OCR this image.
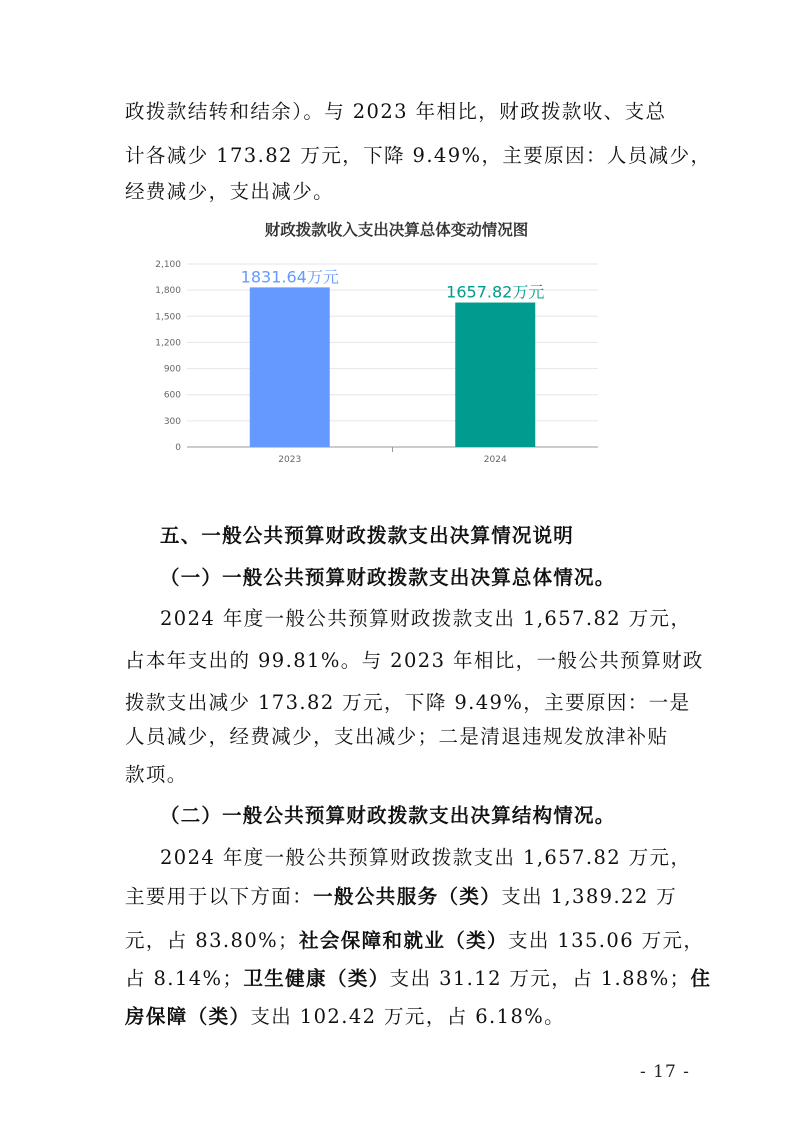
政拨款结转和结余）。与 2023 年相比，财政拨款收、支总
计各减少 173.82 万元，下降 9.49%，主要原因：人员减少，
经费减少，支出减少。
财政拨款收入支出决算总体变动情况图
0
300
600
900
1,200
1,500
1,800
2,100
2023	2024
1831.64万元
1657.82万元
五、一般公共预算财政拨款支出决算情况说明
（一）一般公共预算财政拨款支出决算总体情况。
2024 年度一般公共预算财政拨款支出 1,657.82 万元，
占本年支出的 99.81%。与 2023 年相比，一般公共预算财政
拨款支出减少 173.82 万元，下降 9.49%，主要原因：一是
人员减少，经费减少，支出减少；二是清退违规发放津补贴
款项。
（二）一般公共预算财政拨款支出决算结构情况。
2024 年度一般公共预算财政拨款支出 1,657.82 万元，
主要用于以下方面：一般公共服务（类）支出 1,389.22 万
元，占 83.80%；社会保障和就业（类）支出 135.06 万元，
占 8.14%；卫生健康（类）支出 31.12 万元，占 1.88%；住
房保障（类）支出 102.42 万元，占 6.18%。
- 17 -
